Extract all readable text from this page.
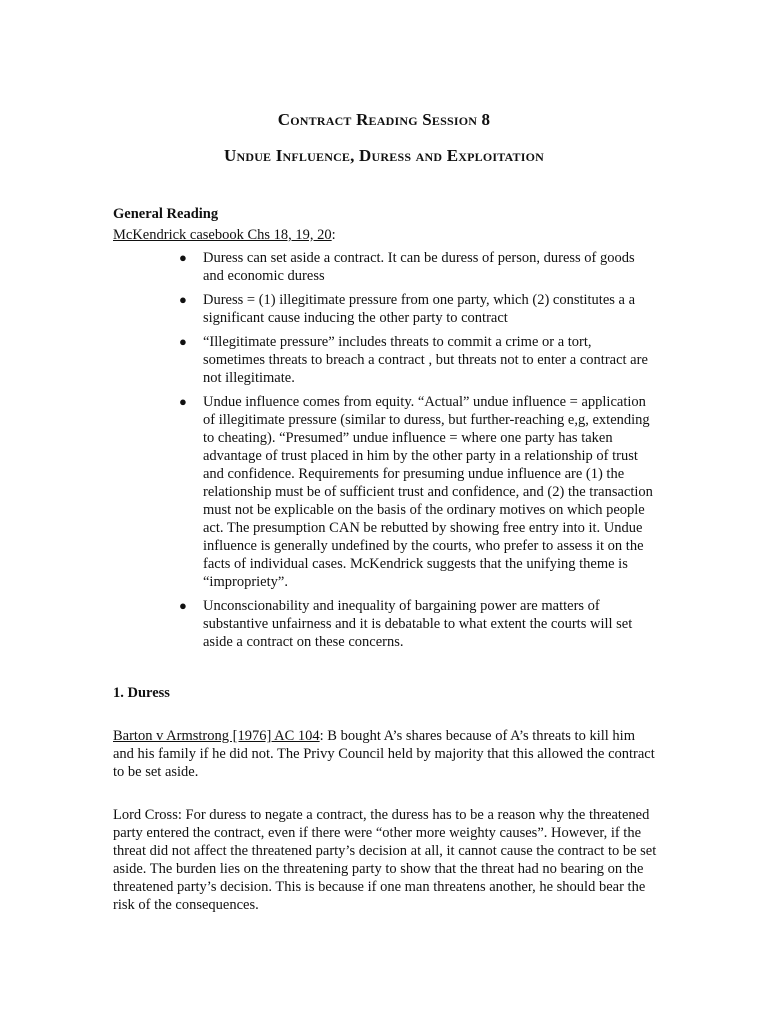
Contract Reading Session 8
Undue Influence, Duress and Exploitation
General Reading
McKendrick casebook Chs 18, 19, 20:
● Duress can set aside a contract. It can be duress of person, duress of goods and economic duress
● Duress = (1) illegitimate pressure from one party, which (2) constitutes a a significant cause inducing the other party to contract
● “Illegitimate pressure” includes threats to commit a crime or a tort, sometimes threats to breach a contract , but threats not to enter a contract are not illegitimate.
● Undue influence comes from equity. “Actual” undue influence = application of illegitimate pressure (similar to duress, but further-reaching e,g, extending to cheating). “Presumed” undue influence = where one party has taken advantage of trust placed in him by the other party in a relationship of trust and confidence. Requirements for presuming undue influence are (1) the relationship must be of sufficient trust and confidence, and (2) the transaction must not be explicable on the basis of the ordinary motives on which people act. The presumption CAN be rebutted by showing free entry into it. Undue influence is generally undefined by the courts, who prefer to assess it on the facts of individual cases. McKendrick suggests that the unifying theme is “impropriety”.
● Unconscionability and inequality of bargaining power are matters of substantive unfairness and it is debatable to what extent the courts will set aside a contract on these concerns.
1. Duress

Barton v Armstrong [1976] AC 104: B bought A’s shares because of A’s threats to kill him and his family if he did not. The Privy Council held by majority that this allowed the contract to be set aside.

Lord Cross: For duress to negate a contract, the duress has to be a reason why the threatened party entered the contract, even if there were “other more weighty causes”. However, if the threat did not affect the threatened party’s decision at all, it cannot cause the contract to be set aside. The burden lies on the threatening party to show that the threat had no bearing on the threatened party’s decision. This is because if one man threatens another, he should bear the risk of the consequences.
